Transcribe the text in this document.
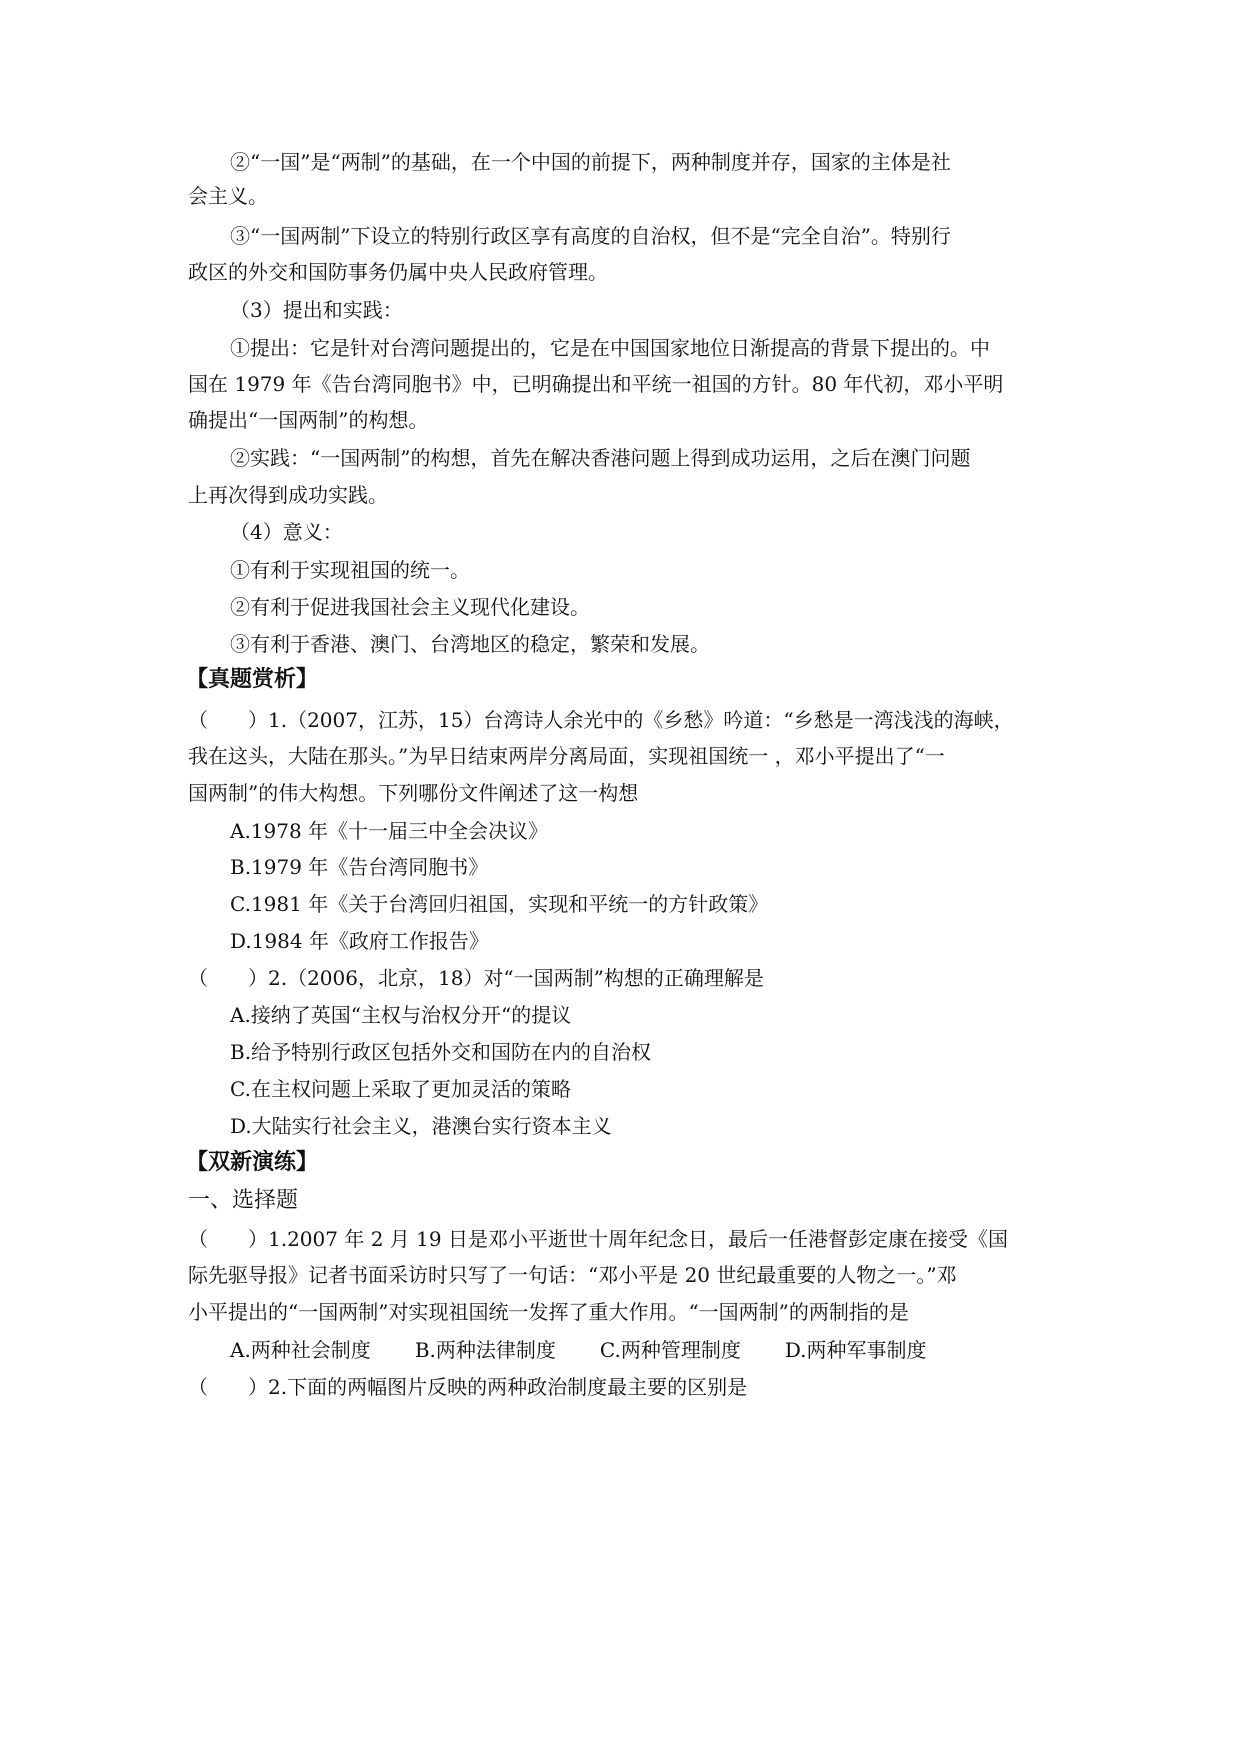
②“一国”是“两制”的基础，在一个中国的前提下，两种制度并存，国家的主体是社
会主义。
③“一国两制”下设立的特别行政区享有高度的自治权，但不是“完全自治”。特别行
政区的外交和国防事务仍属中央人民政府管理。
（3）提出和实践：
①提出：它是针对台湾问题提出的，它是在中国国家地位日渐提高的背景下提出的。中
国在 1979 年《告台湾同胞书》中，已明确提出和平统一祖国的方针。80 年代初，邓小平明
确提出“一国两制”的构想。
②实践：“一国两制”的构想，首先在解决香港问题上得到成功运用，之后在澳门问题
上再次得到成功实践。
（4）意义：
①有利于实现祖国的统一。
②有利于促进我国社会主义现代化建设。
③有利于香港、澳门、台湾地区的稳定，繁荣和发展。
【真题赏析】
（　　）1.（2007，江苏，15）台湾诗人余光中的《乡愁》吟道：“乡愁是一湾浅浅的海峡，
我在这头，大陆在那头。”为早日结束两岸分离局面，实现祖国统一 ，邓小平提出了“一
国两制”的伟大构想。下列哪份文件阐述了这一构想
A.1978 年《十一届三中全会决议》
B.1979 年《告台湾同胞书》
C.1981 年《关于台湾回归祖国，实现和平统一的方针政策》
D.1984 年《政府工作报告》
（　　）2.（2006，北京，18）对“一国两制”构想的正确理解是
A.接纳了英国“主权与治权分开“的提议
B.给予特别行政区包括外交和国防在内的自治权
C.在主权问题上采取了更加灵活的策略
D.大陆实行社会主义，港澳台实行资本主义
【双新演练】
一、选择题
（　　）1.2007 年 2 月 19 日是邓小平逝世十周年纪念日，最后一任港督彭定康在接受《国
际先驱导报》记者书面采访时只写了一句话：“邓小平是 20 世纪最重要的人物之一。”邓
小平提出的“一国两制”对实现祖国统一发挥了重大作用。“一国两制”的两制指的是
A.两种社会制度 B.两种法律制度 C.两种管理制度 D.两种军事制度
（　　）2.下面的两幅图片反映的两种政治制度最主要的区别是
